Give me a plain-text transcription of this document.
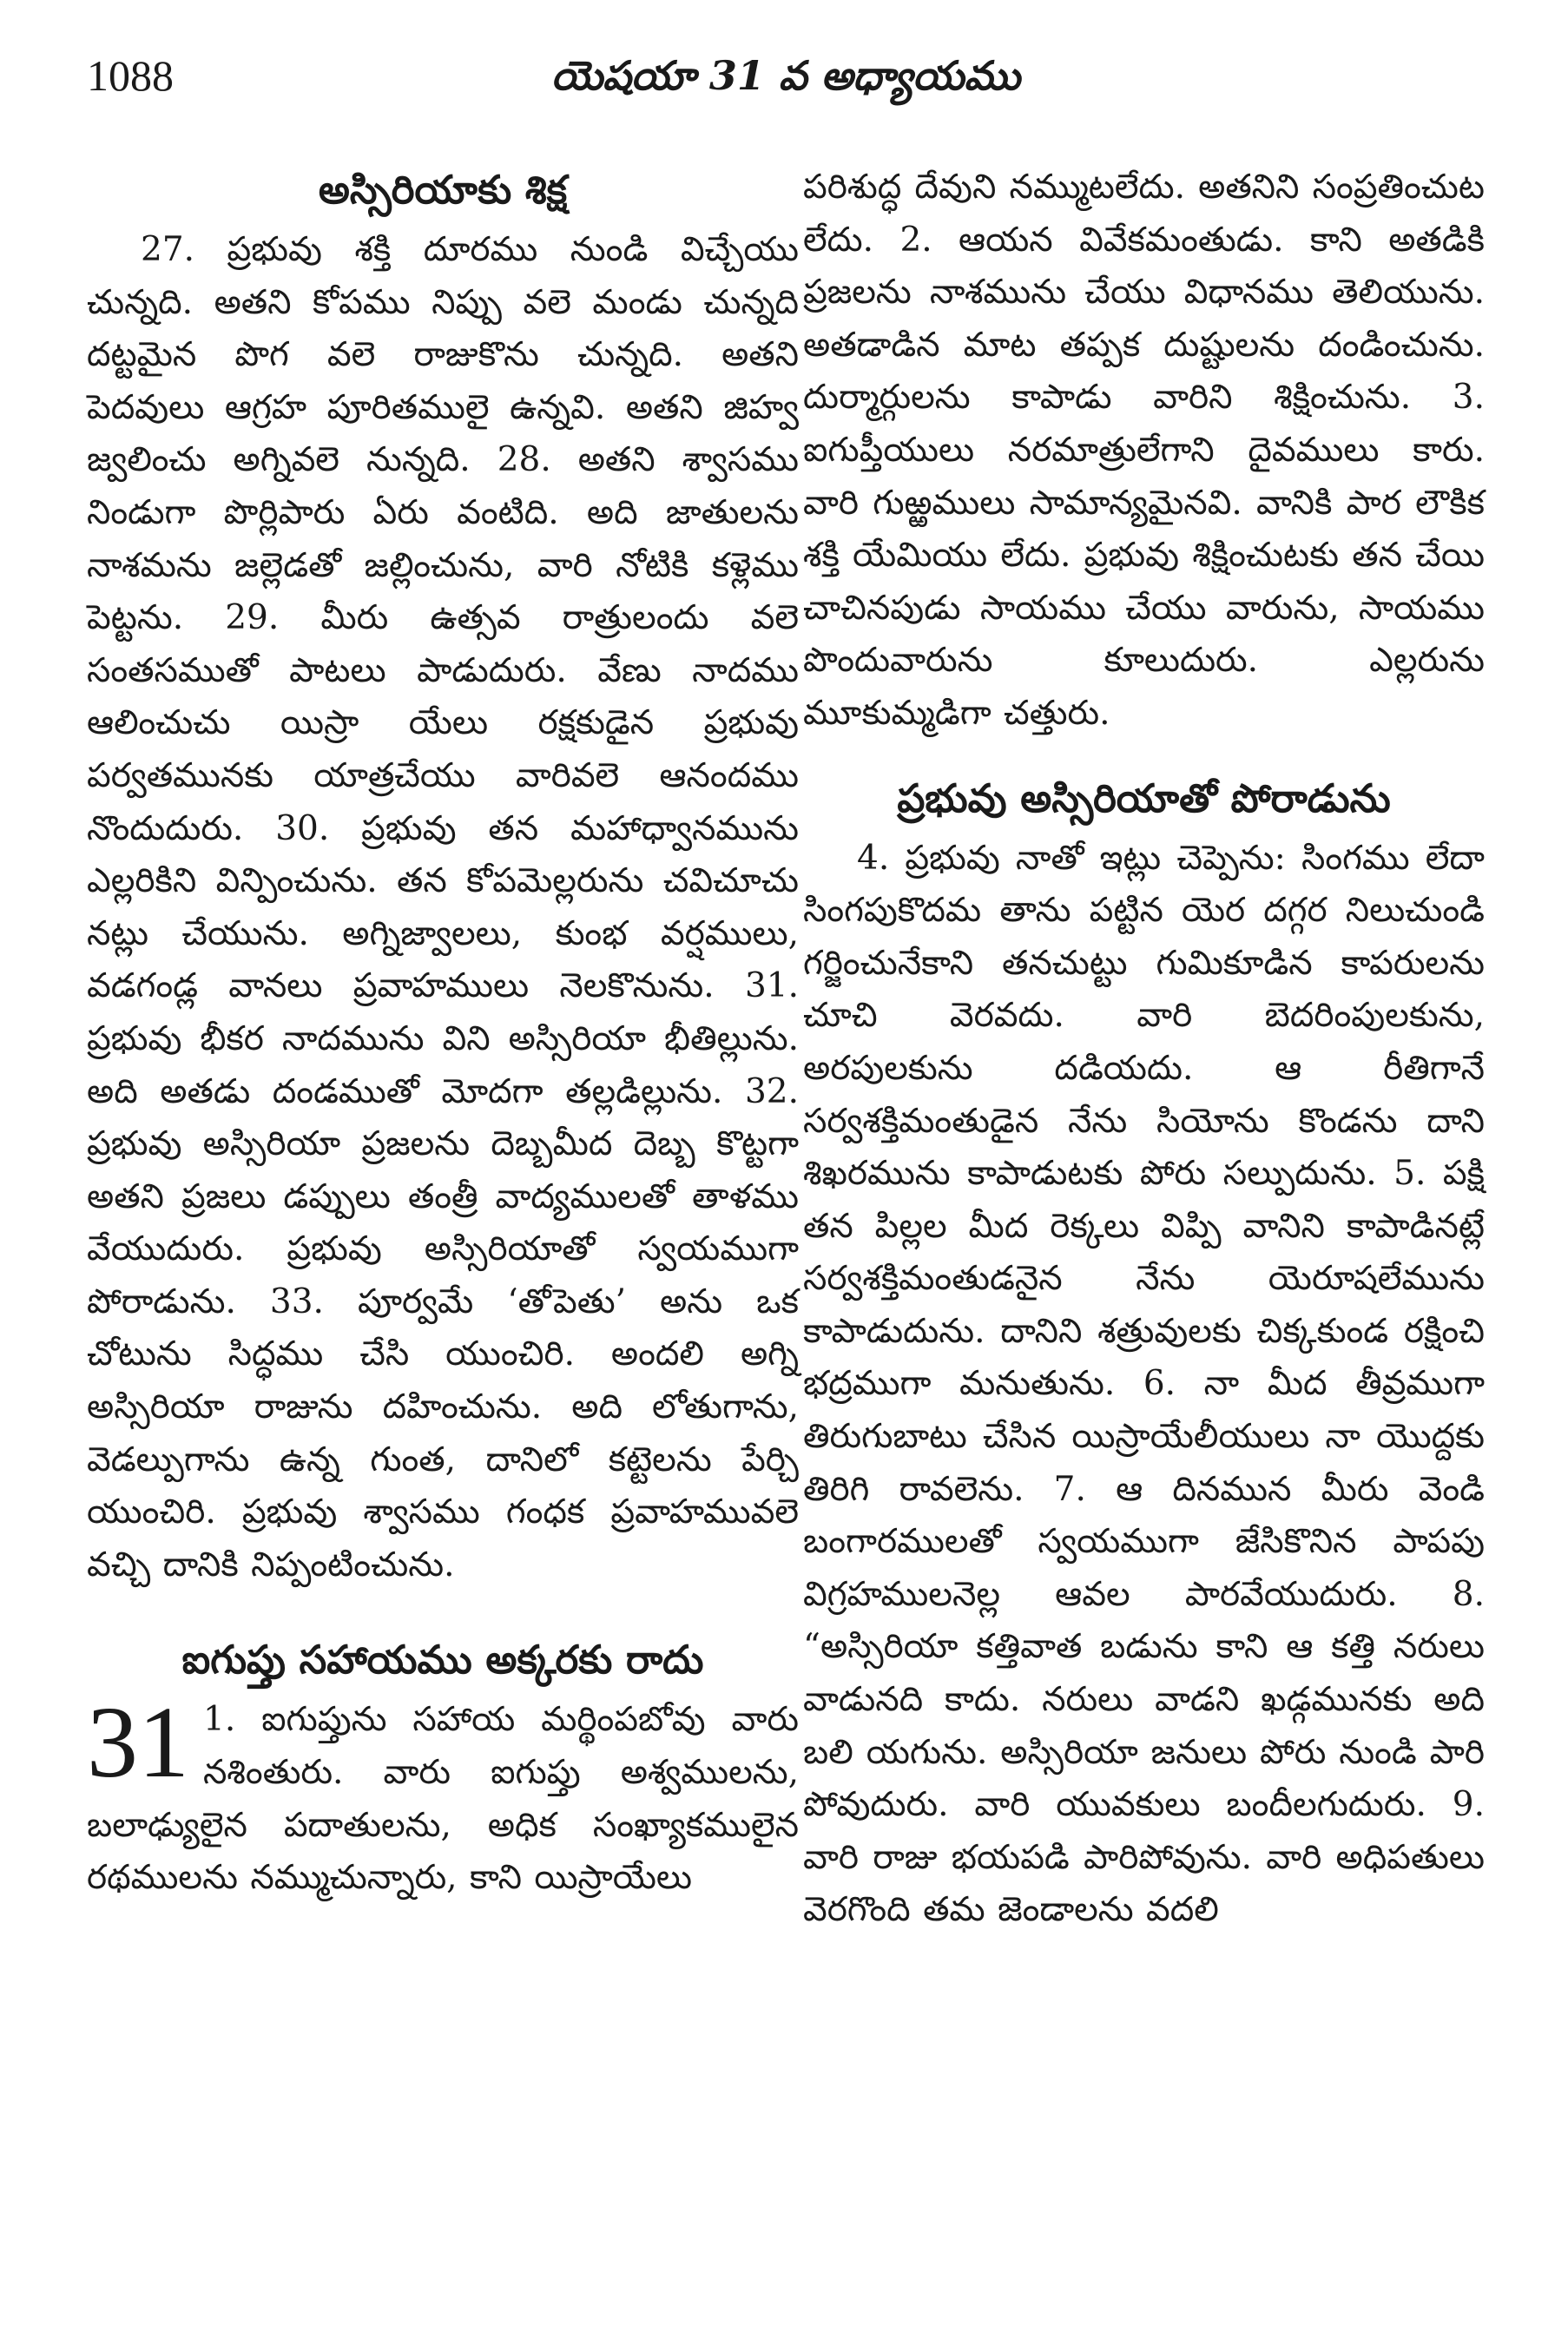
1088	యెషయా 31 వ అధ్యాయము
అస్సిరియాకు శిక్ష

27. ప్రభువు శక్తి దూరము నుండి విచ్చేయు చున్నది. అతని కోపము నిప్పు వలె మండు చున్నది దట్టమైన పొగ వలె రాజుకొను చున్నది. అతని పెదవులు ఆగ్రహ పూరితములై ఉన్నవి. అతని జిహ్వ జ్వలించు అగ్నివలె నున్నది. 28. అతని శ్వాసము నిండుగా పొర్లిపారు ఏరు వంటిది. అది జాతులను నాశమను జల్లెడతో జల్లించును, వారి నోటికి కళ్లెము పెట్టను. 29. మీరు ఉత్సవ రాత్రులందు వలె సంతసముతో పాటలు పాడుదురు. వేణు నాదము ఆలించుచు యిస్రా యేలు రక్షకుడైన ప్రభువు పర్వతమునకు యాత్రచేయు వారివలె ఆనందము నొందుదురు. 30. ప్రభువు తన మహాధ్వానమును ఎల్లరికిని విన్పించును. తన కోపమెల్లరును చవిచూచు నట్లు చేయును. అగ్నిజ్వాలలు, కుంభ వర్షములు, వడగండ్ల వానలు ప్రవాహములు నెలకొనును. 31. ప్రభువు భీకర నాదమును విని అస్సిరియా భీతిల్లును. అది అతడు దండముతో మోదగా తల్లడిల్లును. 32. ప్రభువు అస్సిరియా ప్రజలను దెబ్బమీద దెబ్బ కొట్టగా అతని ప్రజలు డప్పులు తంత్రీ వాద్యములతో తాళము వేయుదురు. ప్రభువు అస్సిరియాతో స్వయముగా పోరాడును. 33. పూర్వమే ‘తోపెతు’ అను ఒక చోటును సిద్ధము చేసి యుంచిరి. అందలి అగ్ని అస్సిరియా రాజును దహించును. అది లోతుగాను, వెడల్పుగాను ఉన్న గుంత, దానిలో కట్టెలను పేర్చి యుంచిరి. ప్రభువు శ్వాసము గంధక ప్రవాహమువలె వచ్చి దానికి నిప్పంటించును.

ఐగుప్తు సహాయము అక్కరకు రాదు
31 1. ఐగుప్తును సహాయ మర్థింపబోవు వారు నశింతురు. వారు ఐగుప్తు అశ్వములను, బలాఢ్యులైన పదాతులను, అధిక సంఖ్యాకములైన రథములను నమ్ముచున్నారు, కాని యిస్రాయేలు

పరిశుద్ధ దేవుని నమ్ముటలేదు. అతనిని సంప్రతించుట లేదు. 2. ఆయన వివేకమంతుడు. కాని అతడికి ప్రజలను నాశమును చేయు విధానము తెలియును. అతడాడిన మాట తప్పక దుష్టులను దండించును. దుర్మార్గులను కాపాడు వారిని శిక్షించును. 3. ఐగుప్తీయులు నరమాత్రులేగాని దైవములు కారు. వారి గుఱ్ఱములు సామాన్యమైనవి. వానికి పార లౌకిక శక్తి యేమియు లేదు. ప్రభువు శిక్షించుటకు తన చేయి చాచినపుడు సాయము చేయు వారును, సాయము పొందువారును కూలుదురు. ఎల్లరును మూకుమ్మడిగా చత్తురు.

ప్రభువు అస్సిరియాతో పోరాడును

4. ప్రభువు నాతో ఇట్లు చెప్పెను: సింగము లేదా సింగపుకొదమ తాను పట్టిన యెర దగ్గర నిలుచుండి గర్జించునేకాని తనచుట్టు గుమికూడిన కాపరులను చూచి వెరవదు. వారి బెదరింపులకును, అరపులకును దడియదు. ఆ రీతిగానే సర్వశక్తిమంతుడైన నేను సియోను కొండను దాని శిఖరమును కాపాడుటకు పోరు సల్పుదును. 5. పక్షి తన పిల్లల మీద రెక్కలు విప్పి వానిని కాపాడినట్లే సర్వశక్తిమంతుడనైన నేను యెరూషలేమును కాపాడుదును. దానిని శత్రువులకు చిక్కకుండ రక్షించి భద్రముగా మనుతును. 6. నా మీద తీవ్రముగా తిరుగుబాటు చేసిన యిస్రాయేలీయులు నా యొద్దకు తిరిగి రావలెను. 7. ఆ దినమున మీరు వెండి బంగారములతో స్వయముగా జేసికొనిన పాపపు విగ్రహములనెల్ల ఆవల పారవేయుదురు. 8. “అస్సిరియా కత్తివాత బడును కాని ఆ కత్తి నరులు వాడునది కాదు. నరులు వాడని ఖడ్గమునకు అది బలి యగును. అస్సిరియా జనులు పోరు నుండి పారి పోవుదురు. వారి యువకులు బందీలగుదురు. 9. వారి రాజు భయపడి పారిపోవును. వారి అధిపతులు వెరగొంది తమ జెండాలను వదలి
